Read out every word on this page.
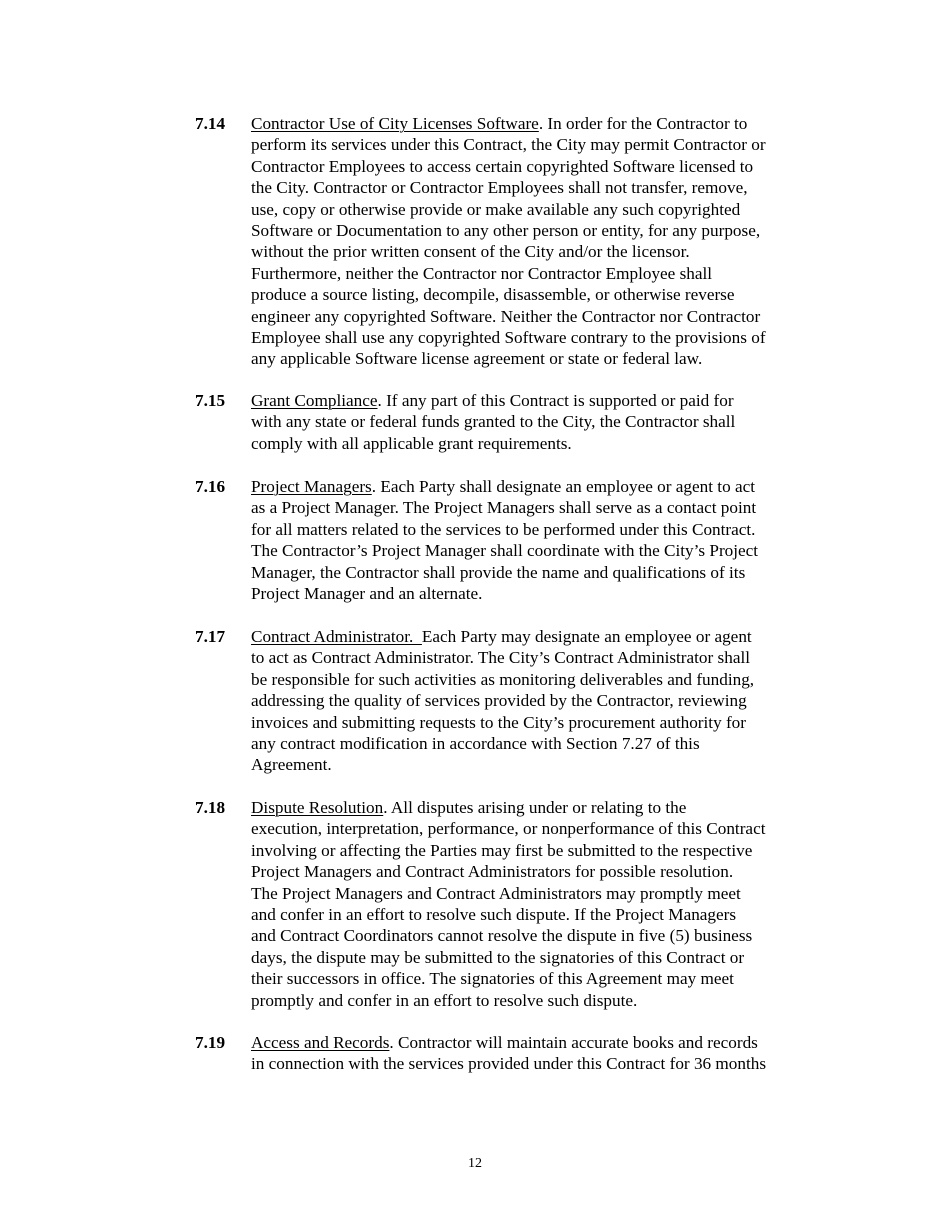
7.14	Contractor Use of City Licenses Software. In order for the Contractor to
perform its services under this Contract, the City may permit Contractor or
Contractor Employees to access certain copyrighted Software licensed to
the City. Contractor or Contractor Employees shall not transfer, remove,
use, copy or otherwise provide or make available any such copyrighted
Software or Documentation to any other person or entity, for any purpose,
without the prior written consent of the City and/or the licensor.
Furthermore, neither the Contractor nor Contractor Employee shall
produce a source listing, decompile, disassemble, or otherwise reverse
engineer any copyrighted Software. Neither the Contractor nor Contractor
Employee shall use any copyrighted Software contrary to the provisions of
any applicable Software license agreement or state or federal law.
7.15	Grant Compliance. If any part of this Contract is supported or paid for
with any state or federal funds granted to the City, the Contractor shall
comply with all applicable grant requirements.
7.16	Project Managers. Each Party shall designate an employee or agent to act
as a Project Manager. The Project Managers shall serve as a contact point
for all matters related to the services to be performed under this Contract.
The Contractor’s Project Manager shall coordinate with the City’s Project
Manager, the Contractor shall provide the name and qualifications of its
Project Manager and an alternate.
7.17	Contract Administrator.  Each Party may designate an employee or agent
to act as Contract Administrator. The City’s Contract Administrator shall
be responsible for such activities as monitoring deliverables and funding,
addressing the quality of services provided by the Contractor, reviewing
invoices and submitting requests to the City’s procurement authority for
any contract modification in accordance with Section 7.27 of this
Agreement.
7.18	Dispute Resolution. All disputes arising under or relating to the
execution, interpretation, performance, or nonperformance of this Contract
involving or affecting the Parties may first be submitted to the respective
Project Managers and Contract Administrators for possible resolution.
The Project Managers and Contract Administrators may promptly meet
and confer in an effort to resolve such dispute. If the Project Managers
and Contract Coordinators cannot resolve the dispute in five (5) business
days, the dispute may be submitted to the signatories of this Contract or
their successors in office. The signatories of this Agreement may meet
promptly and confer in an effort to resolve such dispute.
7.19	Access and Records. Contractor will maintain accurate books and records
in connection with the services provided under this Contract for 36 months
12
